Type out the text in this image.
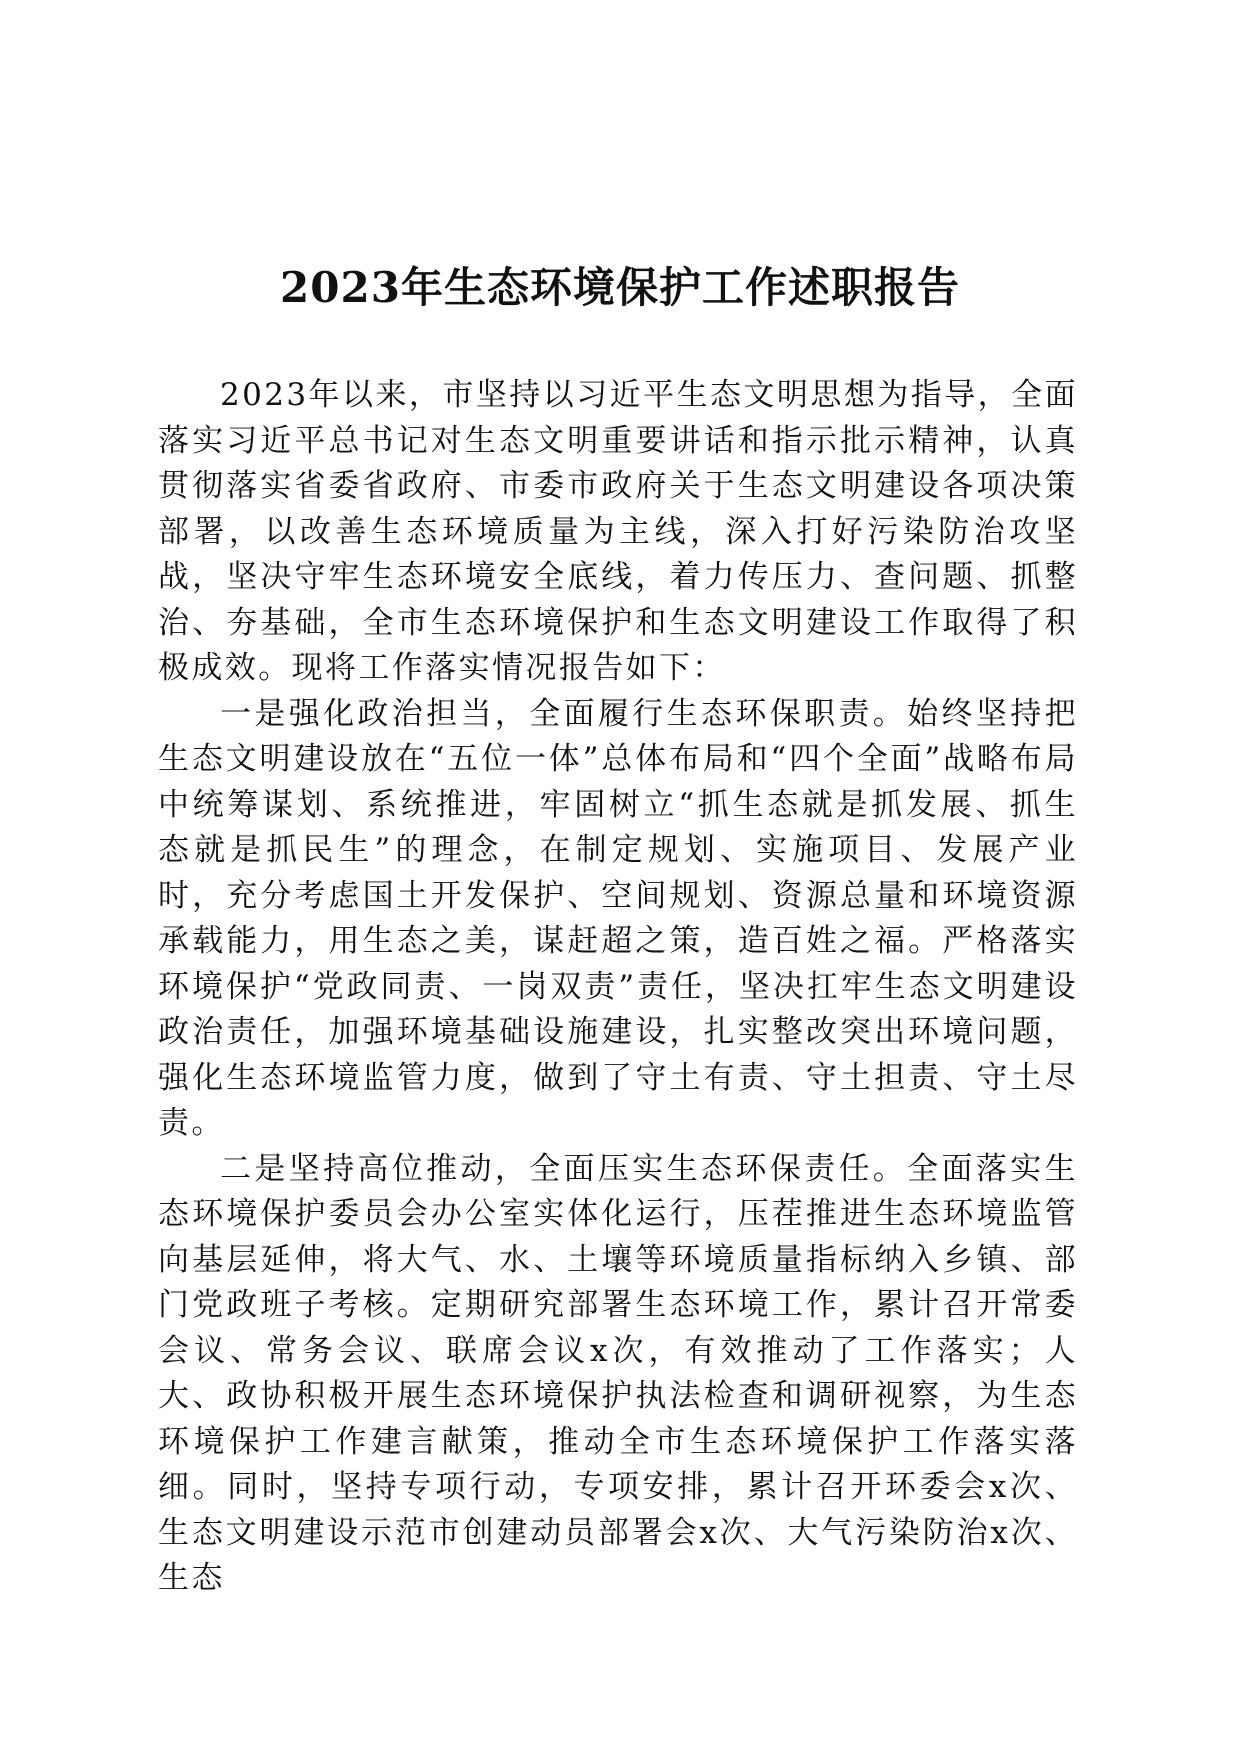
2023年生态环境保护工作述职报告

2023年以来，市坚持以习近平生态文明思想为指导，全面落实习近平总书记对生态文明重要讲话和指示批示精神，认真贯彻落实省委省政府、市委市政府关于生态文明建设各项决策部署，以改善生态环境质量为主线，深入打好污染防治攻坚战，坚决守牢生态环境安全底线，着力传压力、查问题、抓整治、夯基础，全市生态环境保护和生态文明建设工作取得了积极成效。现将工作落实情况报告如下：

一是强化政治担当，全面履行生态环保职责。始终坚持把生态文明建设放在“五位一体”总体布局和“四个全面”战略布局中统筹谋划、系统推进，牢固树立“抓生态就是抓发展、抓生态就是抓民生”的理念，在制定规划、实施项目、发展产业时，充分考虑国土开发保护、空间规划、资源总量和环境资源承载能力，用生态之美，谋赶超之策，造百姓之福。严格落实环境保护“党政同责、一岗双责”责任，坚决扛牢生态文明建设政治责任，加强环境基础设施建设，扎实整改突出环境问题，强化生态环境监管力度，做到了守土有责、守土担责、守土尽责。

二是坚持高位推动，全面压实生态环保责任。全面落实生态环境保护委员会办公室实体化运行，压茬推进生态环境监管向基层延伸，将大气、水、土壤等环境质量指标纳入乡镇、部门党政班子考核。定期研究部署生态环境工作，累计召开常委会议、常务会议、联席会议x次，有效推动了工作落实；人大、政协积极开展生态环境保护执法检查和调研视察，为生态环境保护工作建言献策，推动全市生态环境保护工作落实落细。同时，坚持专项行动，专项安排，累计召开环委会x次、生态文明建设示范市创建动员部署会x次、大气污染防治x次、生态
